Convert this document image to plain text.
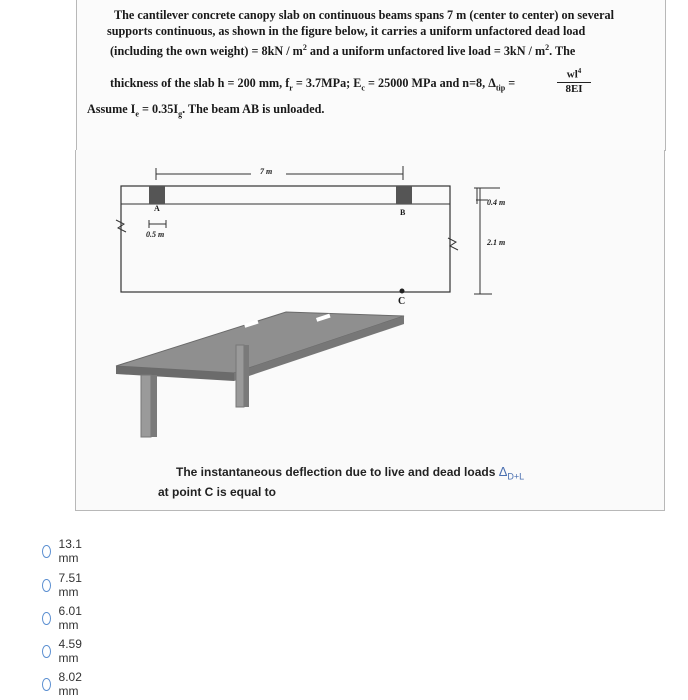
The cantilever concrete canopy slab on continuous beams spans 7 m (center to center) on several
supports continuous, as shown in the figure below, it carries a uniform unfactored dead load
(including the own weight) = $8kN / m^2$ and a uniform unfactored live load = $3kN / m^2$. The
thickness of the slab h = 200 mm, $f_r = 3.7MPa$; $E_c = 25000$ MPa and n=8, $\Delta_{tip}$ =
$wl^4$
8EI
Assume $I_e = 0.35I_g$. The beam AB is unloaded.
7 m
A	B
C
0.5 m
0.4 m
2.1 m
The instantaneous deflection due to live and dead loads $\Delta_{D+L}$
at point C is equal to
13.1 mm
7.51 mm
6.01 mm
4.59 mm
8.02 mm
